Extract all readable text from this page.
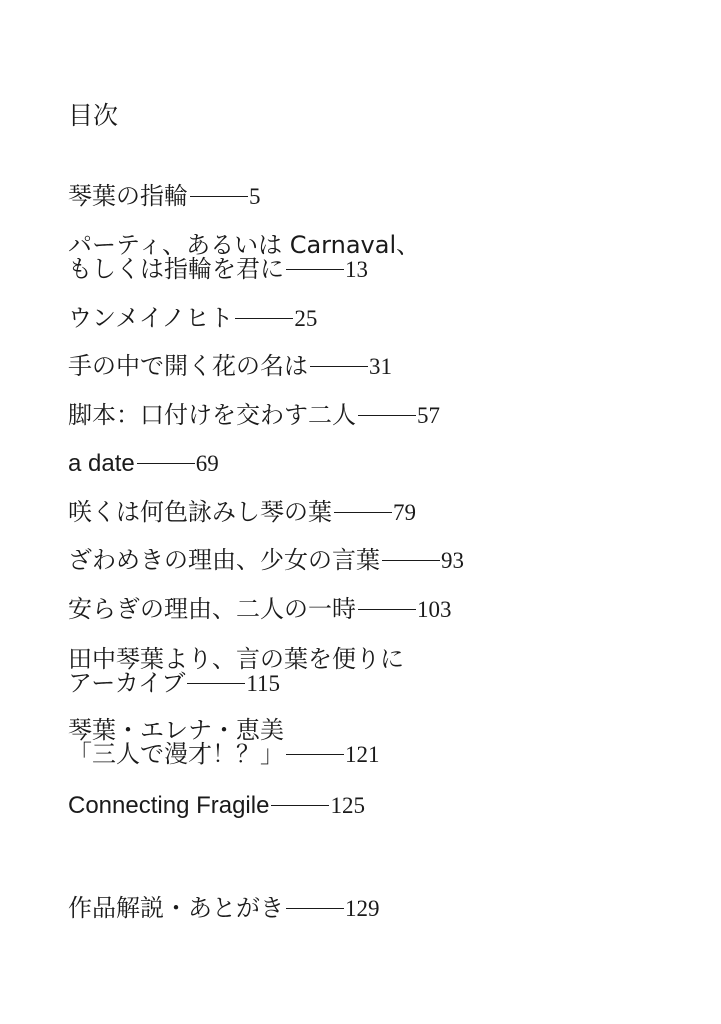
目次
琴葉の指輪	5
パーティ、あるいは Carnaval、
もしくは指輪を君に	13
ウンメイノヒト	25
手の中で開く花の名は	31
脚本：口付けを交わす二人	57
a date	69
咲くは何色詠みし琴の葉	79
ざわめきの理由、少女の言葉	93
安らぎの理由、二人の一時	103
田中琴葉より、言の葉を便りに
アーカイブ	115
琴葉・エレナ・恵美
「三人で漫才！？」	121
Connecting Fragile	125
作品解説・あとがき	129
